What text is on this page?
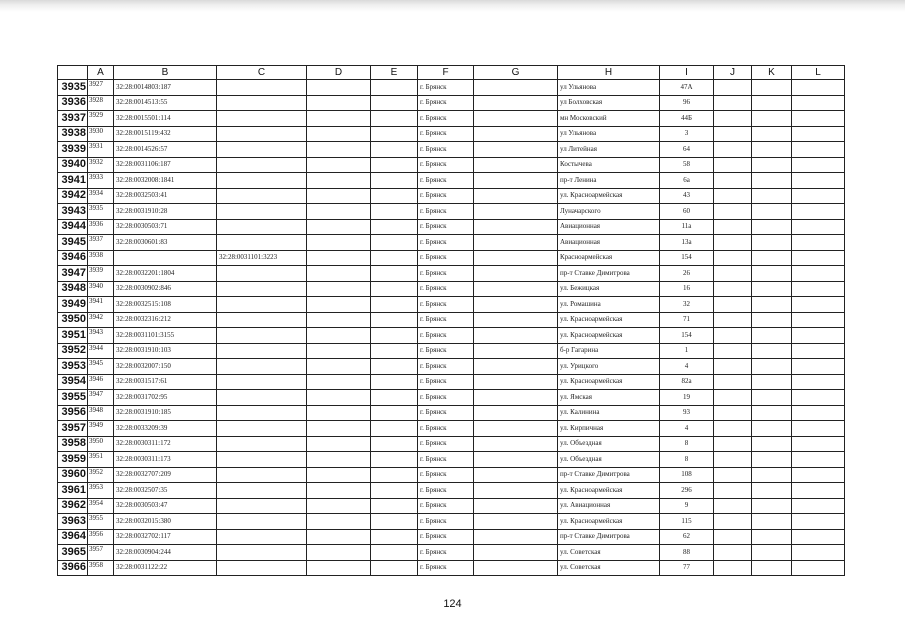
	A	B	C	D	E	F	G	H	I	J	K	L
3935	3927	32:28:0014803:187				г. Брянск		ул Ульянова	47А			
3936	3928	32:28:0014513:55				г. Брянск		ул Болховская	96			
3937	3929	32:28:0015501:114				г. Брянск		мн Московский	44Б			
3938	3930	32:28:0015119:432				г. Брянск		ул Ульянова	3			
3939	3931	32:28:0014526:57				г. Брянск		ул Литейная	64			
3940	3932	32:28:0031106:187				г. Брянск		Костычева	58			
3941	3933	32:28:0032008:1841				г. Брянск		пр-т Ленина	6а			
3942	3934	32:28:0032503:41				г. Брянск		ул. Красноармейская	43			
3943	3935	32:28:0031910:28				г. Брянск		Луначарского	60			
3944	3936	32:28:0030503:71				г. Брянск		Авиационная	11а			
3945	3937	32:28:0030601:83				г. Брянск		Авиационная	13а			
3946	3938		32:28:0031101:3223			г. Брянск		Красноармейская	154			
3947	3939	32:28:0032201:1804				г. Брянск		пр-т Ставке Димитрова	26			
3948	3940	32:28:0030902:846				г. Брянск		ул. Бежицкая	16			
3949	3941	32:28:0032515:108				г. Брянск		ул. Ромашина	32			
3950	3942	32:28:0032316:212				г. Брянск		ул. Красноармейская	71			
3951	3943	32:28:0031101:3155				г. Брянск		ул. Красноармейская	154			
3952	3944	32:28:0031910:103				г. Брянск		б-р Гагарина	1			
3953	3945	32:28:0032007:150				г. Брянск		ул. Урицкого	4			
3954	3946	32:28:0031517:61				г. Брянск		ул. Красноармейская	82а			
3955	3947	32:28:0031702:95				г. Брянск		ул. Ямская	19			
3956	3948	32:28:0031910:185				г. Брянск		ул. Калинина	93			
3957	3949	32:28:0033209:39				г. Брянск		ул. Кирпичная	4			
3958	3950	32:28:0030311:172				г. Брянск		ул. Объездная	8			
3959	3951	32:28:0030311:173				г. Брянск		ул. Объездная	8			
3960	3952	32:28:0032707:209				г. Брянск		пр-т Ставке Димитрова	108			
3961	3953	32:28:0032507:35				г. Брянск		ул. Красноармейская	296			
3962	3954	32:28:0030503:47				г. Брянск		ул. Авиационная	9			
3963	3955	32:28:0032015:380				г. Брянск		ул. Красноармейская	115			
3964	3956	32:28:0032702:117				г. Брянск		пр-т Ставке Димитрова	62			
3965	3957	32:28:0030904:244				г. Брянск		ул. Советская	88			
3966	3958	32:28:0031122:22				г. Брянск		ул. Советская	77			
124
